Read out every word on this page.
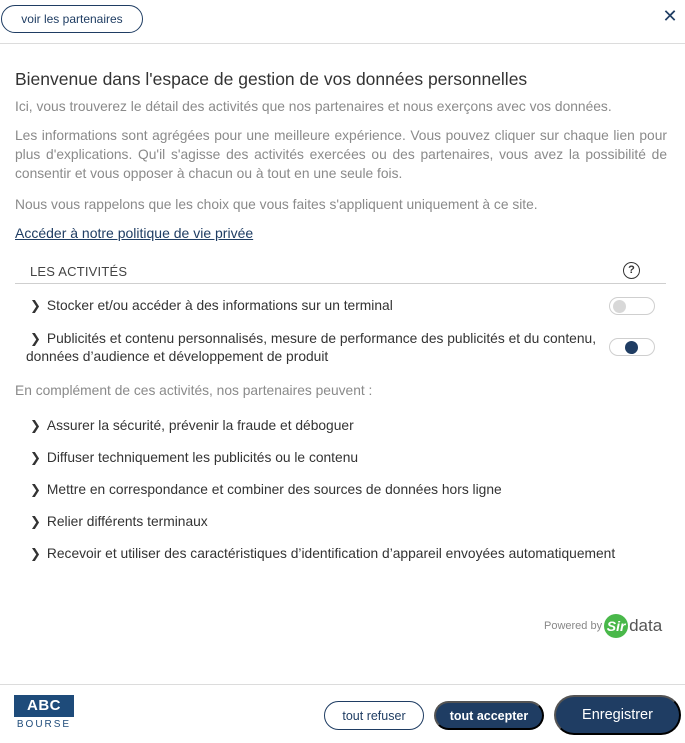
voir les partenaires	✕
Bienvenue dans l'espace de gestion de vos données personnelles

Ici, vous trouverez le détail des activités que nos partenaires et nous exerçons avec vos données.

Les informations sont agrégées pour une meilleure expérience. Vous pouvez cliquer sur chaque lien pour plus d'explications. Qu'il s'agisse des activités exercées ou des partenaires, vous avez la possibilité de consentir et vous opposer à chacun ou à tout en une seule fois.

Nous vous rappelons que les choix que vous faites s'appliquent uniquement à ce site.

Accéder à notre politique de vie privée
LES ACTIVITÉS	?
❯ Stocker et/ou accéder à des informations sur un terminal
❯ Publicités et contenu personnalisés, mesure de performance des publicités et du contenu,
données d’audience et développement de produit
En complément de ces activités, nos partenaires peuvent :
❯ Assurer la sécurité, prévenir la fraude et déboguer
❯ Diffuser techniquement les publicités ou le contenu
❯ Mettre en correspondance et combiner des sources de données hors ligne
❯ Relier différents terminaux
❯ Recevoir et utiliser des caractéristiques d’identification d’appareil envoyées automatiquement
Powered by Sir data
ABC
BOURSE
tout refuser	tout accepter	Enregistrer
